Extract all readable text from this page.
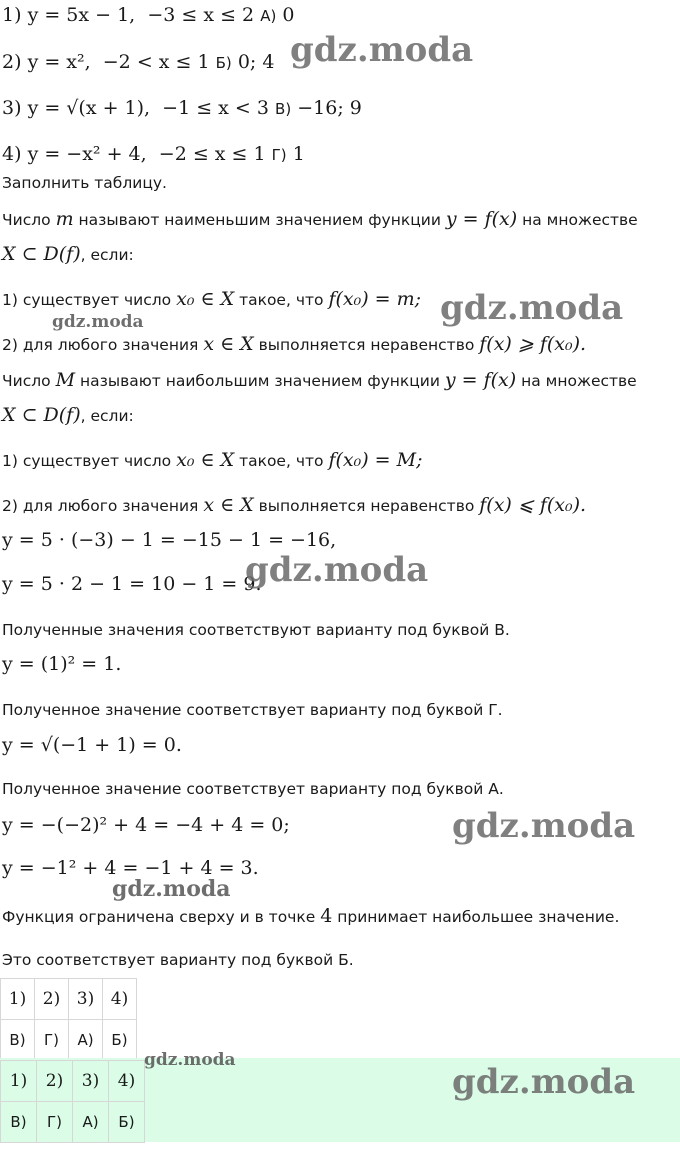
1) y = 5x − 1, −3 ≤ x ≤ 2 А) 0
2) y = x², −2 < x ≤ 1 Б) 0; 4
3) y = √(x + 1), −1 ≤ x < 3 В) −16; 9
4) y = −x² + 4, −2 ≤ x ≤ 1 Г) 1
Заполнить таблицу.
Число m называют наименьшим значением функции y = f(x) на множестве
X ⊂ D(f), если:
1) существует число x₀ ∈ X такое, что f(x₀) = m;
2) для любого значения x ∈ X выполняется неравенство f(x) ⩾ f(x₀).
Число M называют наибольшим значением функции y = f(x) на множестве
X ⊂ D(f), если:
1) существует число x₀ ∈ X такое, что f(x₀) = M;
2) для любого значения x ∈ X выполняется неравенство f(x) ⩽ f(x₀).
y = 5 · (−3) − 1 = −15 − 1 = −16,
y = 5 · 2 − 1 = 10 − 1 = 9.
Полученные значения соответствуют варианту под буквой В.
y = (1)² = 1.
Полученное значение соответствует варианту под буквой Г.
y = √(−1 + 1) = 0.
Полученное значение соответствует варианту под буквой А.
y = −(−2)² + 4 = −4 + 4 = 0;
y = −1² + 4 = −1 + 4 = 3.
Функция ограничена сверху и в точке 4 принимает наибольшее значение.
Это соответствует варианту под буквой Б.
1)	2)	3)	4)
В)	Г)	А)	Б)
1)	2)	3)	4)
В)	Г)	А)	Б)
gdz.moda
gdz.moda
gdz.moda
gdz.moda
gdz.moda
gdz.moda
gdz.moda
gdz.moda
